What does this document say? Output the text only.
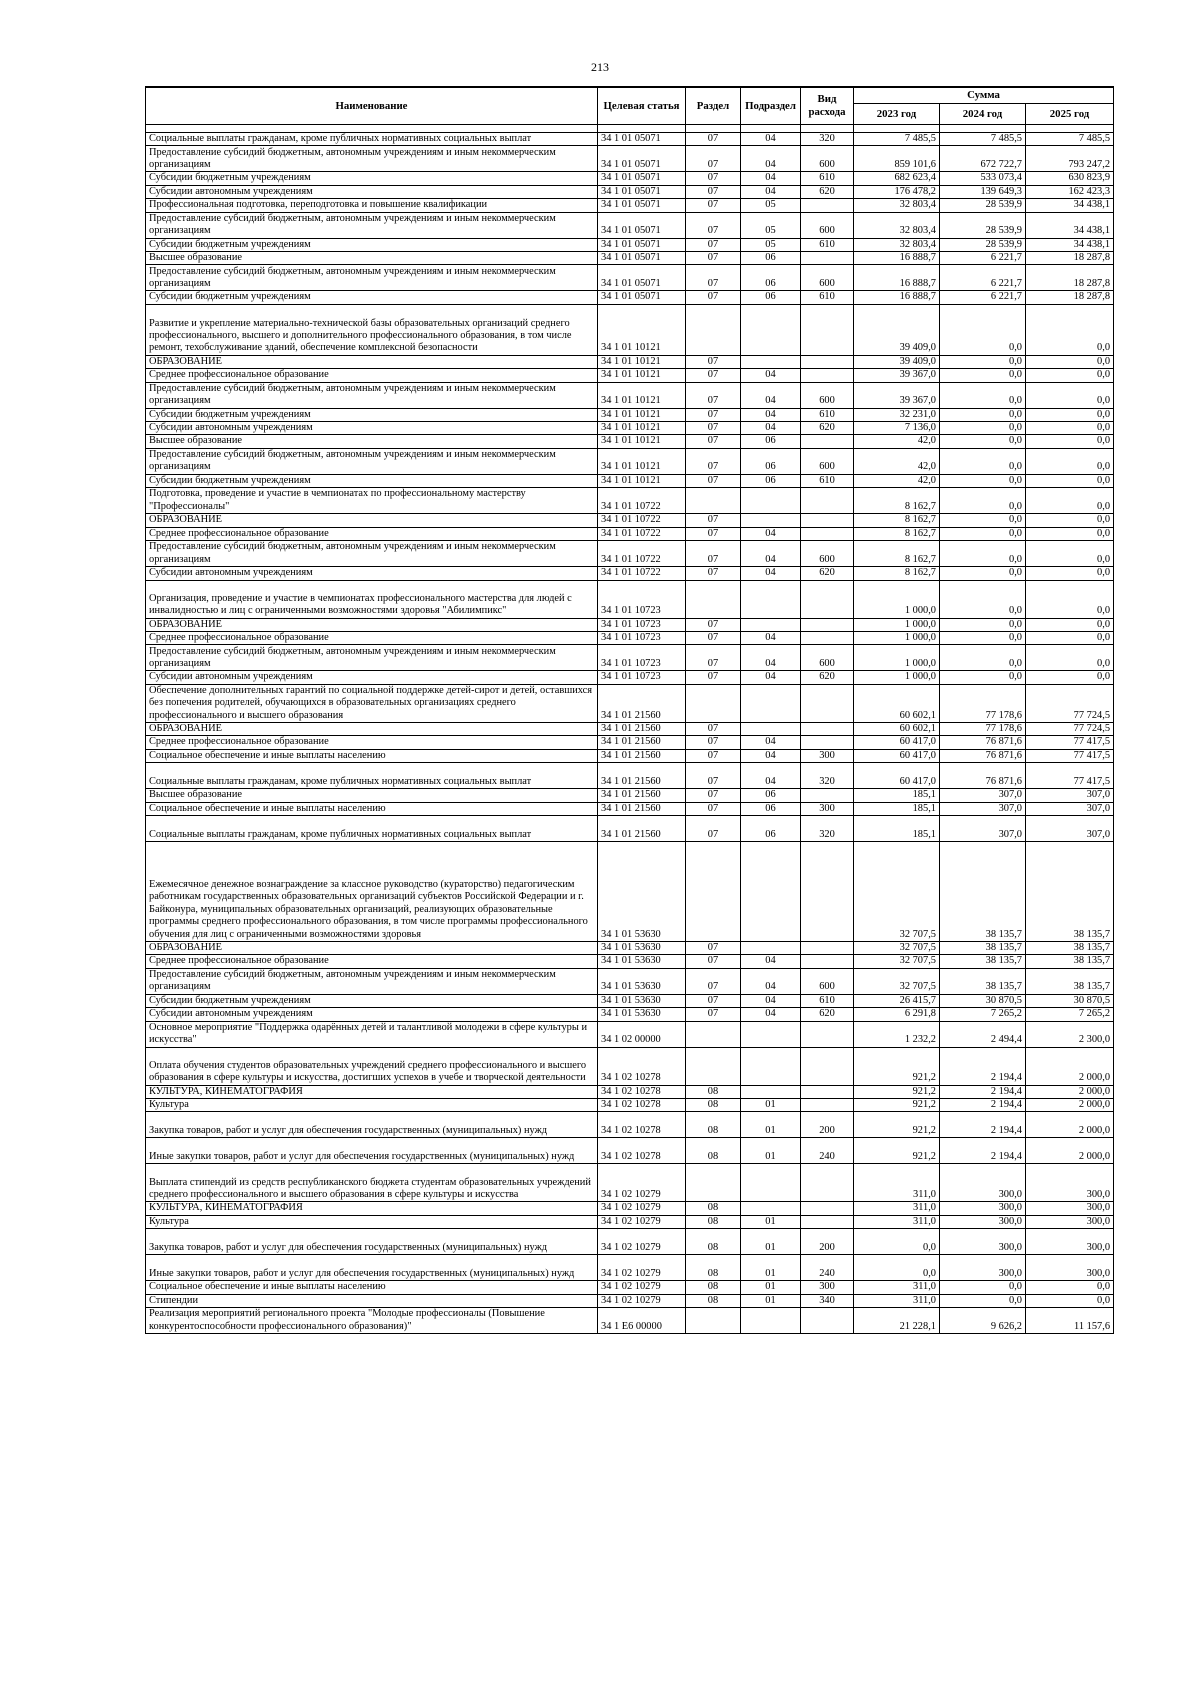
213
Наименование	Целевая статья	Раздел	Подраздел	Вид расхода	Сумма		
					2023 год	2024 год	2025 год

Социальные выплаты гражданам, кроме публичных нормативных социальных выплат	34 1 01 05071	07	04	320	7 485,5	7 485,5	7 485,5
Предоставление субсидий бюджетным, автономным учреждениям и иным некоммерческим организациям	34 1 01 05071	07	04	600	859 101,6	672 722,7	793 247,2
Субсидии бюджетным учреждениям	34 1 01 05071	07	04	610	682 623,4	533 073,4	630 823,9
Субсидии автономным учреждениям	34 1 01 05071	07	04	620	176 478,2	139 649,3	162 423,3
Профессиональная подготовка, переподготовка и повышение квалификации	34 1 01 05071	07	05		32 803,4	28 539,9	34 438,1
Предоставление субсидий бюджетным, автономным учреждениям и иным некоммерческим организациям	34 1 01 05071	07	05	600	32 803,4	28 539,9	34 438,1
Субсидии бюджетным учреждениям	34 1 01 05071	07	05	610	32 803,4	28 539,9	34 438,1
Высшее образование	34 1 01 05071	07	06		16 888,7	6 221,7	18 287,8
Предоставление субсидий бюджетным, автономным учреждениям и иным некоммерческим организациям	34 1 01 05071	07	06	600	16 888,7	6 221,7	18 287,8
Субсидии бюджетным учреждениям	34 1 01 05071	07	06	610	16 888,7	6 221,7	18 287,8
Развитие и укрепление материально-технической базы образовательных организаций среднего профессионального, высшего и дополнительного профессионального образования, в том числе ремонт, техобслуживание зданий, обеспечение комплексной безопасности	34 1 01 10121				39 409,0	0,0	0,0
ОБРАЗОВАНИЕ	34 1 01 10121	07			39 409,0	0,0	0,0
Среднее профессиональное образование	34 1 01 10121	07	04		39 367,0	0,0	0,0
Предоставление субсидий бюджетным, автономным учреждениям и иным некоммерческим организациям	34 1 01 10121	07	04	600	39 367,0	0,0	0,0
Субсидии бюджетным учреждениям	34 1 01 10121	07	04	610	32 231,0	0,0	0,0
Субсидии автономным учреждениям	34 1 01 10121	07	04	620	7 136,0	0,0	0,0
Высшее образование	34 1 01 10121	07	06		42,0	0,0	0,0
Предоставление субсидий бюджетным, автономным учреждениям и иным некоммерческим организациям	34 1 01 10121	07	06	600	42,0	0,0	0,0
Субсидии бюджетным учреждениям	34 1 01 10121	07	06	610	42,0	0,0	0,0
Подготовка, проведение и участие в чемпионатах по профессиональному мастерству "Профессионалы"	34 1 01 10722				8 162,7	0,0	0,0
ОБРАЗОВАНИЕ	34 1 01 10722	07			8 162,7	0,0	0,0
Среднее профессиональное образование	34 1 01 10722	07	04		8 162,7	0,0	0,0
Предоставление субсидий бюджетным, автономным учреждениям и иным некоммерческим организациям	34 1 01 10722	07	04	600	8 162,7	0,0	0,0
Субсидии автономным учреждениям	34 1 01 10722	07	04	620	8 162,7	0,0	0,0
Организация, проведение и участие в чемпионатах профессионального мастерства для людей с инвалидностью и лиц с ограниченными возможностями здоровья "Абилимпикс"	34 1 01 10723				1 000,0	0,0	0,0
ОБРАЗОВАНИЕ	34 1 01 10723	07			1 000,0	0,0	0,0
Среднее профессиональное образование	34 1 01 10723	07	04		1 000,0	0,0	0,0
Предоставление субсидий бюджетным, автономным учреждениям и иным некоммерческим организациям	34 1 01 10723	07	04	600	1 000,0	0,0	0,0
Субсидии автономным учреждениям	34 1 01 10723	07	04	620	1 000,0	0,0	0,0
Обеспечение дополнительных гарантий по социальной поддержке детей-сирот и детей, оставшихся без попечения родителей, обучающихся в образовательных организациях среднего профессионального и высшего образования	34 1 01 21560				60 602,1	77 178,6	77 724,5
ОБРАЗОВАНИЕ	34 1 01 21560	07			60 602,1	77 178,6	77 724,5
Среднее профессиональное образование	34 1 01 21560	07	04		60 417,0	76 871,6	77 417,5
Социальное обеспечение и иные выплаты населению	34 1 01 21560	07	04	300	60 417,0	76 871,6	77 417,5
Социальные выплаты гражданам, кроме публичных нормативных социальных выплат	34 1 01 21560	07	04	320	60 417,0	76 871,6	77 417,5
Высшее образование	34 1 01 21560	07	06		185,1	307,0	307,0
Социальное обеспечение и иные выплаты населению	34 1 01 21560	07	06	300	185,1	307,0	307,0
Социальные выплаты гражданам, кроме публичных нормативных социальных выплат	34 1 01 21560	07	06	320	185,1	307,0	307,0
Ежемесячное денежное вознаграждение за классное руководство (кураторство) педагогическим работникам государственных образовательных организаций субъектов Российской Федерации и г. Байконура, муниципальных образовательных организаций, реализующих образовательные программы среднего профессионального образования, в том числе программы профессионального обучения для лиц с ограниченными возможностями здоровья	34 1 01 53630				32 707,5	38 135,7	38 135,7
ОБРАЗОВАНИЕ	34 1 01 53630	07			32 707,5	38 135,7	38 135,7
Среднее профессиональное образование	34 1 01 53630	07	04		32 707,5	38 135,7	38 135,7
Предоставление субсидий бюджетным, автономным учреждениям и иным некоммерческим организациям	34 1 01 53630	07	04	600	32 707,5	38 135,7	38 135,7
Субсидии бюджетным учреждениям	34 1 01 53630	07	04	610	26 415,7	30 870,5	30 870,5
Субсидии автономным учреждениям	34 1 01 53630	07	04	620	6 291,8	7 265,2	7 265,2
Основное мероприятие "Поддержка одарённых детей и талантливой молодежи в сфере культуры и искусства"	34 1 02 00000				1 232,2	2 494,4	2 300,0
Оплата обучения студентов образовательных учреждений среднего профессионального и высшего образования в сфере культуры и искусства, достигших успехов в учебе и творческой деятельности	34 1 02 10278				921,2	2 194,4	2 000,0
КУЛЬТУРА, КИНЕМАТОГРАФИЯ	34 1 02 10278	08			921,2	2 194,4	2 000,0
Культура	34 1 02 10278	08	01		921,2	2 194,4	2 000,0
Закупка товаров, работ и услуг для обеспечения государственных (муниципальных) нужд	34 1 02 10278	08	01	200	921,2	2 194,4	2 000,0
Иные закупки товаров, работ и услуг для обеспечения государственных (муниципальных) нужд	34 1 02 10278	08	01	240	921,2	2 194,4	2 000,0
Выплата стипендий из средств республиканского бюджета студентам образовательных учреждений среднего профессионального и высшего образования в сфере культуры и искусства	34 1 02 10279				311,0	300,0	300,0
КУЛЬТУРА, КИНЕМАТОГРАФИЯ	34 1 02 10279	08			311,0	300,0	300,0
Культура	34 1 02 10279	08	01		311,0	300,0	300,0
Закупка товаров, работ и услуг для обеспечения государственных (муниципальных) нужд	34 1 02 10279	08	01	200	0,0	300,0	300,0
Иные закупки товаров, работ и услуг для обеспечения государственных (муниципальных) нужд	34 1 02 10279	08	01	240	0,0	300,0	300,0
Социальное обеспечение и иные выплаты населению	34 1 02 10279	08	01	300	311,0	0,0	0,0
Стипендии	34 1 02 10279	08	01	340	311,0	0,0	0,0
Реализация мероприятий регионального проекта "Молодые профессионалы (Повышение конкурентоспособности профессионального образования)"	34 1 E6 00000				21 228,1	9 626,2	11 157,6
